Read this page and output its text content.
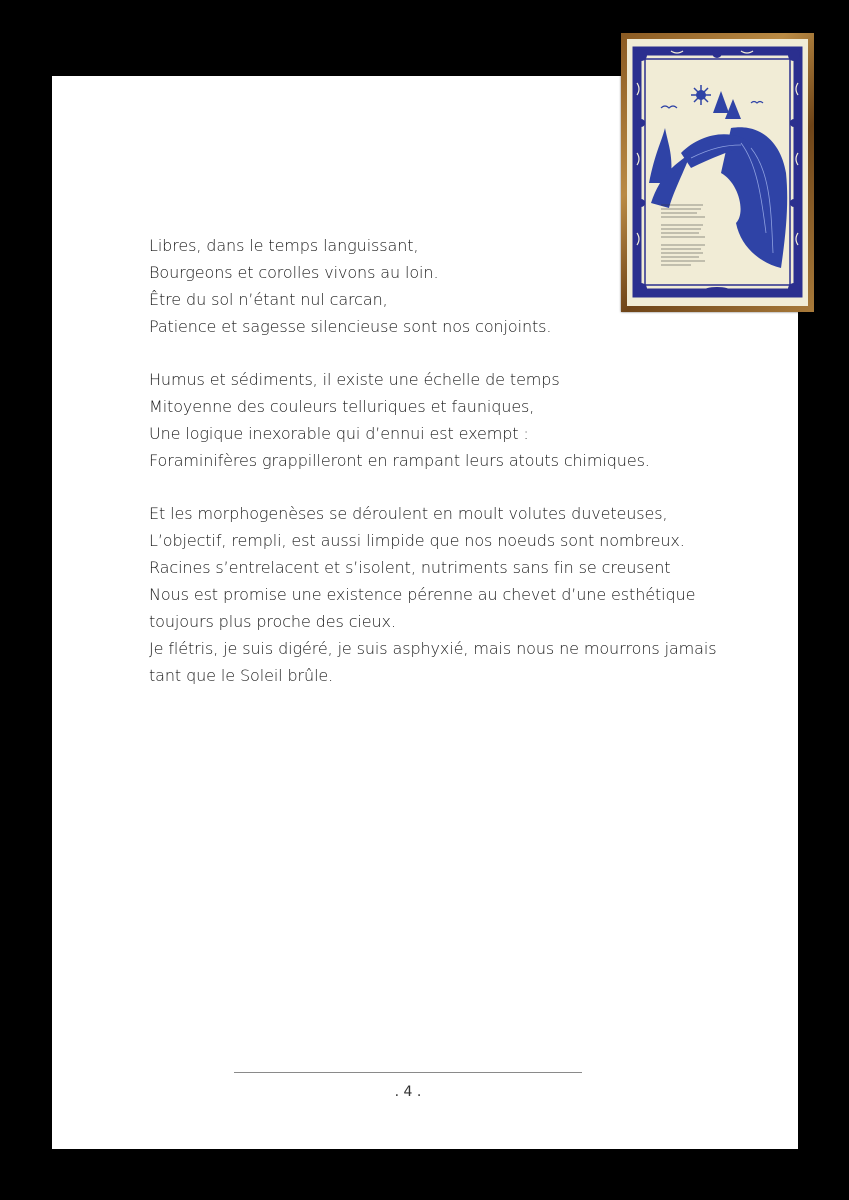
Libres, dans le temps languissant,
Bourgeons et corolles vivons au loin.
Être du sol n’étant nul carcan,
Patience et sagesse silencieuse sont nos conjoints.
Humus et sédiments, il existe une échelle de temps
Mitoyenne des couleurs telluriques et fauniques,
Une logique inexorable qui d’ennui est exempt :
Foraminifères grappilleront en rampant leurs atouts chimiques.
Et les morphogenèses se déroulent en moult volutes duveteuses,
L’objectif, rempli, est aussi limpide que nos noeuds sont nombreux.
Racines s’entrelacent et s’isolent, nutriments sans fin se creusent
Nous est promise une existence pérenne au chevet d’une esthétique
toujours plus proche des cieux.
Je flétris, je suis digéré, je suis asphyxié, mais nous ne mourrons jamais
tant que le Soleil brûle.
. 4 .
